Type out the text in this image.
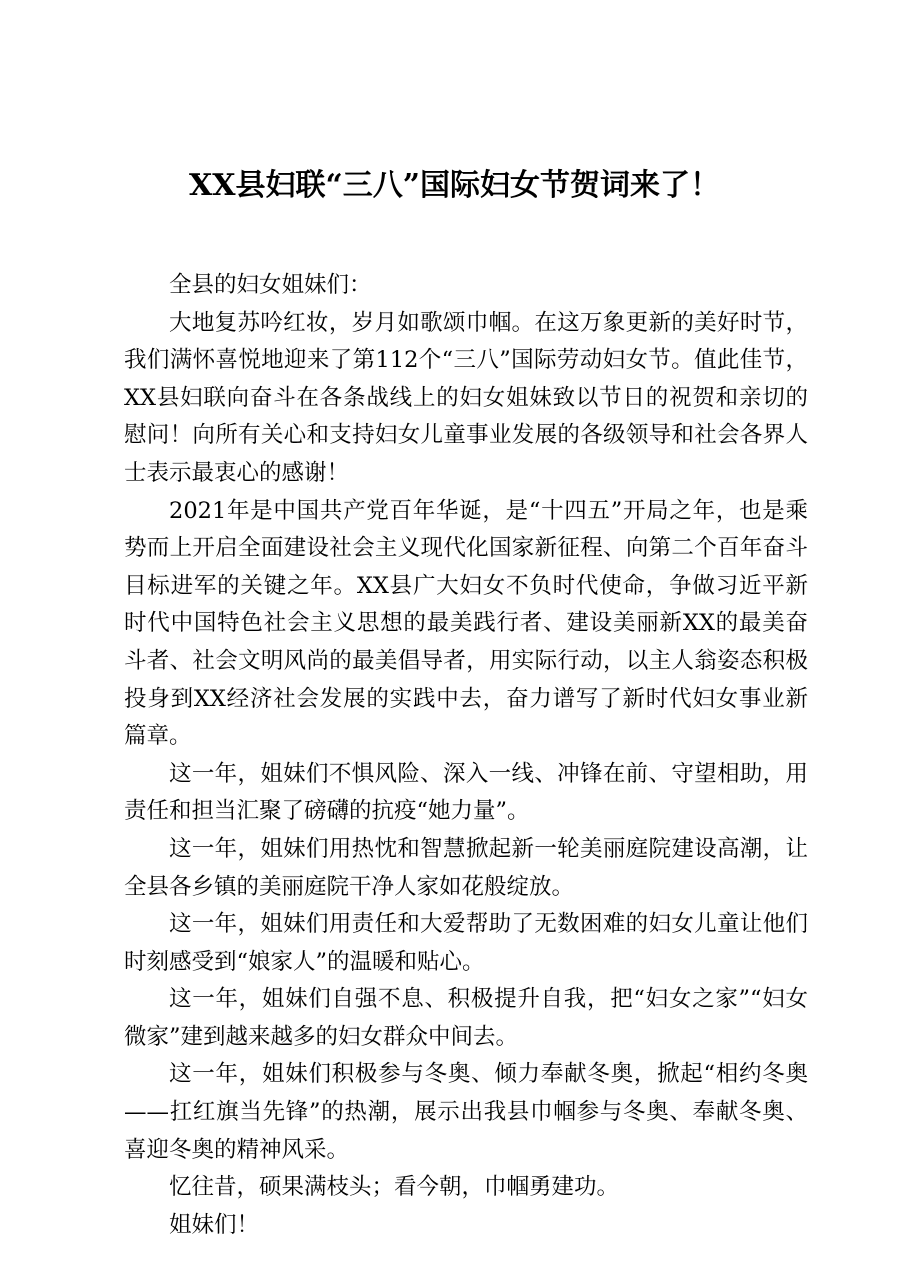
XX县妇联“三八”国际妇女节贺词来了！

全县的妇女姐妹们：

大地复苏吟红妆，岁月如歌颂巾帼。在这万象更新的美好时节，我们满怀喜悦地迎来了第112个“三八”国际劳动妇女节。值此佳节，XX县妇联向奋斗在各条战线上的妇女姐妹致以节日的祝贺和亲切的慰问！向所有关心和支持妇女儿童事业发展的各级领导和社会各界人士表示最衷心的感谢！

2021年是中国共产党百年华诞，是“十四五”开局之年，也是乘势而上开启全面建设社会主义现代化国家新征程、向第二个百年奋斗目标进军的关键之年。XX县广大妇女不负时代使命，争做习近平新时代中国特色社会主义思想的最美践行者、建设美丽新XX的最美奋斗者、社会文明风尚的最美倡导者，用实际行动，以主人翁姿态积极投身到XX经济社会发展的实践中去，奋力谱写了新时代妇女事业新篇章。

这一年，姐妹们不惧风险、深入一线、冲锋在前、守望相助，用责任和担当汇聚了磅礴的抗疫“她力量”。

这一年，姐妹们用热忱和智慧掀起新一轮美丽庭院建设高潮，让全县各乡镇的美丽庭院干净人家如花般绽放。

这一年，姐妹们用责任和大爱帮助了无数困难的妇女儿童让他们时刻感受到“娘家人”的温暖和贴心。

这一年，姐妹们自强不息、积极提升自我，把“妇女之家”“妇女微家”建到越来越多的妇女群众中间去。

这一年，姐妹们积极参与冬奥、倾力奉献冬奥，掀起“相约冬奥——扛红旗当先锋”的热潮，展示出我县巾帼参与冬奥、奉献冬奥、喜迎冬奥的精神风采。

忆往昔，硕果满枝头；看今朝，巾帼勇建功。

姐妹们！
